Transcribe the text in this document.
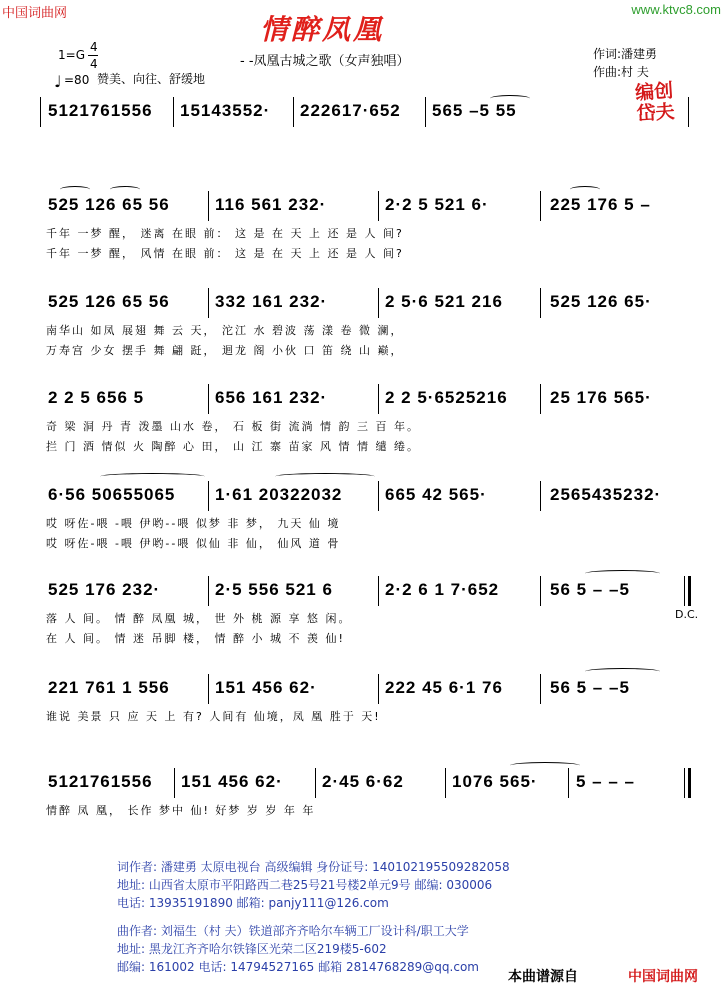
中国词曲网	www.ktvc8.com
情醉凤凰
- -凤凰古城之歌（女声独唱）
1=G
4
4
♩ =80 赞美、向往、舒缓地
作词:潘建勇
作曲:村 夫
编创
岱夫
5121761556 15143552· 222617·652 565 –5 55
525 126 65 56	116 561 232·	2·2 5 521 6·	225 176 5 –
千年 一梦 醒， 迷离 在眼 前： 这 是 在 天 上 还 是 人 间?
千年 一梦 醒， 风情 在眼 前： 这 是 在 天 上 还 是 人 间?
525 126 65 56	332 161 232·	2 5·6 521 216	525 126 65·
南华山 如凤 展翅 舞 云 天， 沱江 水 碧波 荡 漾 卷 微 澜，
万寿宫 少女 摆手 舞 翩 跹， 迴龙 阁 小伙 口 笛 绕 山 巅，
2 2 5 656 5	656 161 232·	2 2 5·6525216 25 176 565·
奇 梁 洞 丹 青 泼墨 山水 卷， 石 板 街 流淌 情 韵 三 百 年。
拦 门 酒 情似 火 陶醉 心 田， 山 江 寨 苗家 风 情 情 缱 绻。
6·56 50655065 1·61 20322032	665 42 565·	2565435232·
哎 呀佐-喂 -喂 伊哟--喂 似梦 非 梦， 九天 仙 境
哎 呀佐-喂 -喂 伊哟--喂 似仙 非 仙， 仙风 道 骨
525 176 232·	2·5 556 521 6	2·2 6 1 7·652	56 5 – –5
落 人 间。 情 醉 凤凰 城， 世 外 桃 源 享 悠 闲。
在 人 间。 情 迷 吊脚 楼， 情 醉 小 城 不 羡 仙!
D.C.
221 761 1 556	151 456 62·	222 45 6·1 76	56 5 – –5
谁说 美景 只 应 天 上 有? 人间有 仙境，凤 凰 胜于 天!
5121761556 151 456 62· 2·45 6·62	1076 565· 5 – – –
情醉 凤 凰， 长作 梦中 仙! 好梦 岁 岁 年 年
词作者: 潘建勇 太原电视台 高级编辑 身份证号: 140102195509282058
地址: 山西省太原市平阳路西二巷25号21号楼2单元9号 邮编: 030006
电话: 13935191890 邮箱: panjy111@126.com
曲作者: 刘福生（村 夫）铁道部齐齐哈尔车辆工厂设计科/职工大学
地址: 黑龙江齐齐哈尔铁锋区光荣二区219楼5-602
邮编: 161002 电话: 14794527165 邮箱 2814768289@qq.com
本曲谱源自	中国词曲网
